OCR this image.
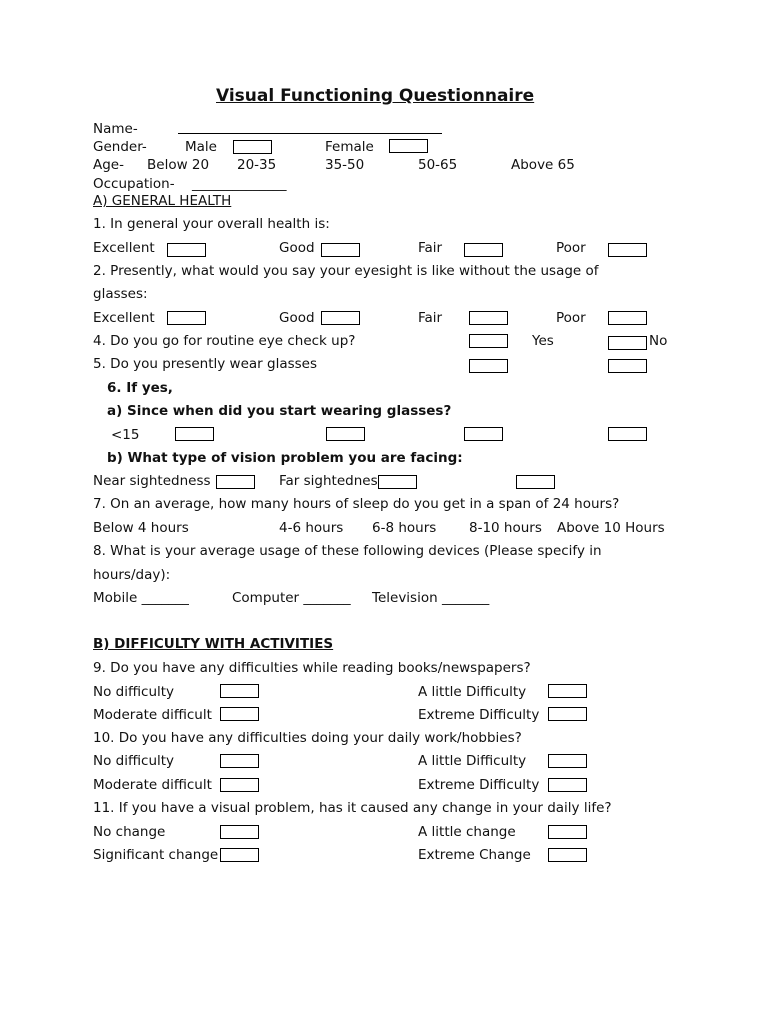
Visual Functioning Questionnaire
Name-
Gender-	Male	Female
Age- Below 20 20-35	35-50	50-65	Above 65
Occupation- ______________
A) GENERAL HEALTH
1. In general your overall health is:
Excellent	Good	Fair	Poor
2. Presently, what would you say your eyesight is like without the usage of
glasses:
Excellent	Good	Fair	Poor
4. Do you go for routine eye check up?	Yes	No
5. Do you presently wear glasses
6. If yes,
a) Since when did you start wearing glasses?
<15
b) What type of vision problem you are facing:
Near sightedness	Far sightednes
7. On an average, how many hours of sleep do you get in a span of 24 hours?
Below 4 hours	4-6 hours 6-8 hours 8-10 hours Above 10 Hours
8. What is your average usage of these following devices (Please specify in
hours/day):
Mobile _______	Computer _______ Television _______
B) DIFFICULTY WITH ACTIVITIES
9. Do you have any difficulties while reading books/newspapers?
No difficulty	A little Difficulty
Moderate difficult	Extreme Difficulty
10. Do you have any difficulties doing your daily work/hobbies?
No difficulty	A little Difficulty
Moderate difficult	Extreme Difficulty
11. If you have a visual problem, has it caused any change in your daily life?
No change	A little change
Significant change	Extreme Change
